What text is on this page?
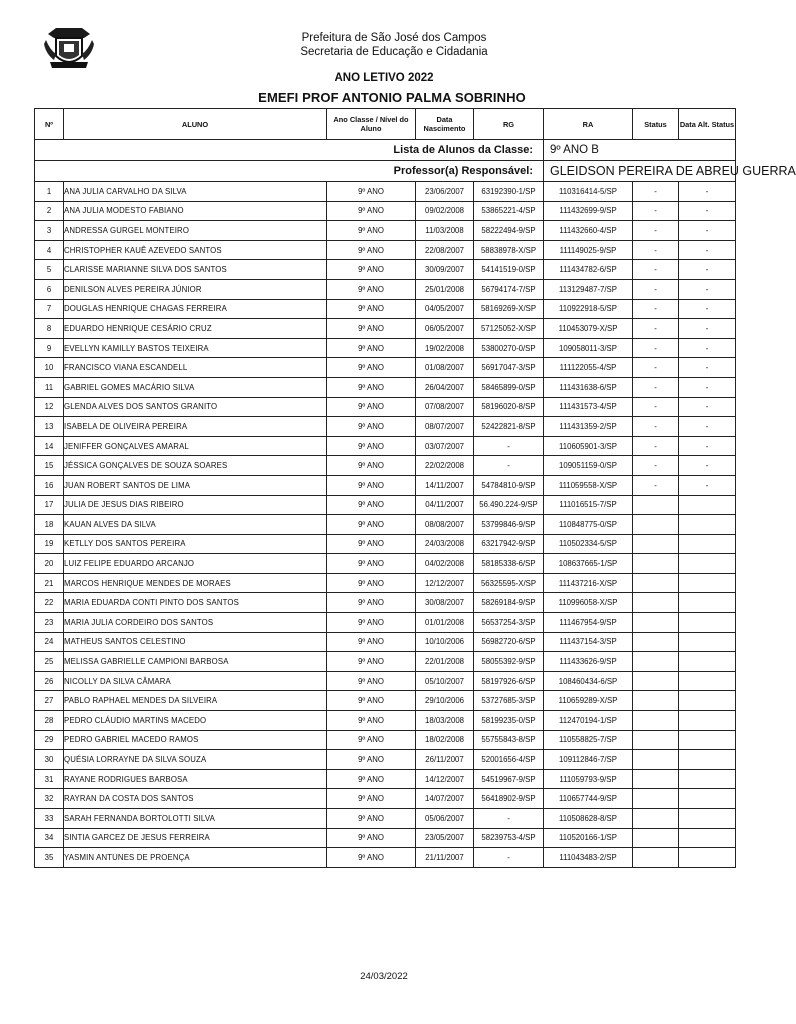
Prefeitura de São José dos Campos
Secretaria de Educação e Cidadania
ANO LETIVO 2022
EMEFI PROF ANTONIO PALMA SOBRINHO
Lista de Alunos da Classe:					9º ANO B		
Professor(a) Responsável:					GLEIDSON PEREIRA DE ABREU GUERRA		
Nº	ALUNO	Ano Classe / Nível do Aluno	Data Nascimento	RG	RA	Status	Data Alt. Status
1	ANA JULIA CARVALHO DA SILVA	9º ANO	23/06/2007	63192390-1/SP	110316414-5/SP	-	-
2	ANA JULIA MODESTO FABIANO	9º ANO	09/02/2008	53865221-4/SP	111432699-9/SP	-	-
3	ANDRESSA GURGEL MONTEIRO	9º ANO	11/03/2008	58222494-9/SP	111432660-4/SP	-	-
4	CHRISTOPHER KAUÊ AZEVEDO SANTOS	9º ANO	22/08/2007	58838978-X/SP	111149025-9/SP	-	-
5	CLARISSE MARIANNE SILVA DOS SANTOS	9º ANO	30/09/2007	54141519-0/SP	111434782-6/SP	-	-
6	DENILSON ALVES PEREIRA JÚNIOR	9º ANO	25/01/2008	56794174-7/SP	113129487-7/SP	-	-
7	DOUGLAS HENRIQUE CHAGAS FERREIRA	9º ANO	04/05/2007	58169269-X/SP	110922918-5/SP	-	-
8	EDUARDO HENRIQUE CESÁRIO CRUZ	9º ANO	06/05/2007	57125052-X/SP	110453079-X/SP	-	-
9	EVELLYN KAMILLY BASTOS TEIXEIRA	9º ANO	19/02/2008	53800270-0/SP	109058011-3/SP	-	-
10	FRANCISCO VIANA ESCANDELL	9º ANO	01/08/2007	56917047-3/SP	111122055-4/SP	-	-
11	GABRIEL GOMES MACÁRIO SILVA	9º ANO	26/04/2007	58465899-0/SP	111431638-6/SP	-	-
12	GLENDA ALVES DOS SANTOS GRANITO	9º ANO	07/08/2007	58196020-8/SP	111431573-4/SP	-	-
13	ISABELA DE OLIVEIRA PEREIRA	9º ANO	08/07/2007	52422821-8/SP	111431359-2/SP	-	-
14	JENIFFER GONÇALVES AMARAL	9º ANO	03/07/2007	-	110605901-3/SP	-	-
15	JÉSSICA GONÇALVES DE SOUZA SOARES	9º ANO	22/02/2008	-	109051159-0/SP	-	-
16	JUAN ROBERT SANTOS DE LIMA	9º ANO	14/11/2007	54784810-9/SP	111059558-X/SP	-	-
17	JULIA DE JESUS DIAS RIBEIRO	9º ANO	04/11/2007	56.490.224-9/SP	111016515-7/SP		
18	KAUAN ALVES DA SILVA	9º ANO	08/08/2007	53799846-9/SP	110848775-0/SP		
19	KETLLY DOS SANTOS PEREIRA	9º ANO	24/03/2008	63217942-9/SP	110502334-5/SP		
20	LUIZ FELIPE EDUARDO ARCANJO	9º ANO	04/02/2008	58185338-6/SP	108637665-1/SP		
21	MARCOS HENRIQUE MENDES DE MORAES	9º ANO	12/12/2007	56325595-X/SP	111437216-X/SP		
22	MARIA EDUARDA CONTI PINTO DOS SANTOS	9º ANO	30/08/2007	58269184-9/SP	110996058-X/SP		
23	MARIA JULIA CORDEIRO DOS SANTOS	9º ANO	01/01/2008	56537254-3/SP	111467954-9/SP		
24	MATHEUS SANTOS CELESTINO	9º ANO	10/10/2006	56982720-6/SP	111437154-3/SP		
25	MELISSA GABRIELLE CAMPIONI BARBOSA	9º ANO	22/01/2008	58055392-9/SP	111433626-9/SP		
26	NICOLLY DA SILVA CÂMARA	9º ANO	05/10/2007	58197926-6/SP	108460434-6/SP		
27	PABLO RAPHAEL MENDES DA SILVEIRA	9º ANO	29/10/2006	53727685-3/SP	110659289-X/SP		
28	PEDRO CLÁUDIO MARTINS MACEDO	9º ANO	18/03/2008	58199235-0/SP	112470194-1/SP		
29	PEDRO GABRIEL MACEDO RAMOS	9º ANO	18/02/2008	55755843-8/SP	110558825-7/SP		
30	QUÉSIA LORRAYNE DA SILVA SOUZA	9º ANO	26/11/2007	52001656-4/SP	109112846-7/SP		
31	RAYANE RODRIGUES BARBOSA	9º ANO	14/12/2007	54519967-9/SP	111059793-9/SP		
32	RAYRAN DA COSTA DOS SANTOS	9º ANO	14/07/2007	56418902-9/SP	110657744-9/SP		
33	SARAH FERNANDA BORTOLOTTI SILVA	9º ANO	05/06/2007	-	110508628-8/SP		
34	SINTIA GARCEZ DE JESUS FERREIRA	9º ANO	23/05/2007	58239753-4/SP	110520166-1/SP		
35	YASMIN ANTUNES DE PROENÇA	9º ANO	21/11/2007	-	111043483-2/SP		
24/03/2022
